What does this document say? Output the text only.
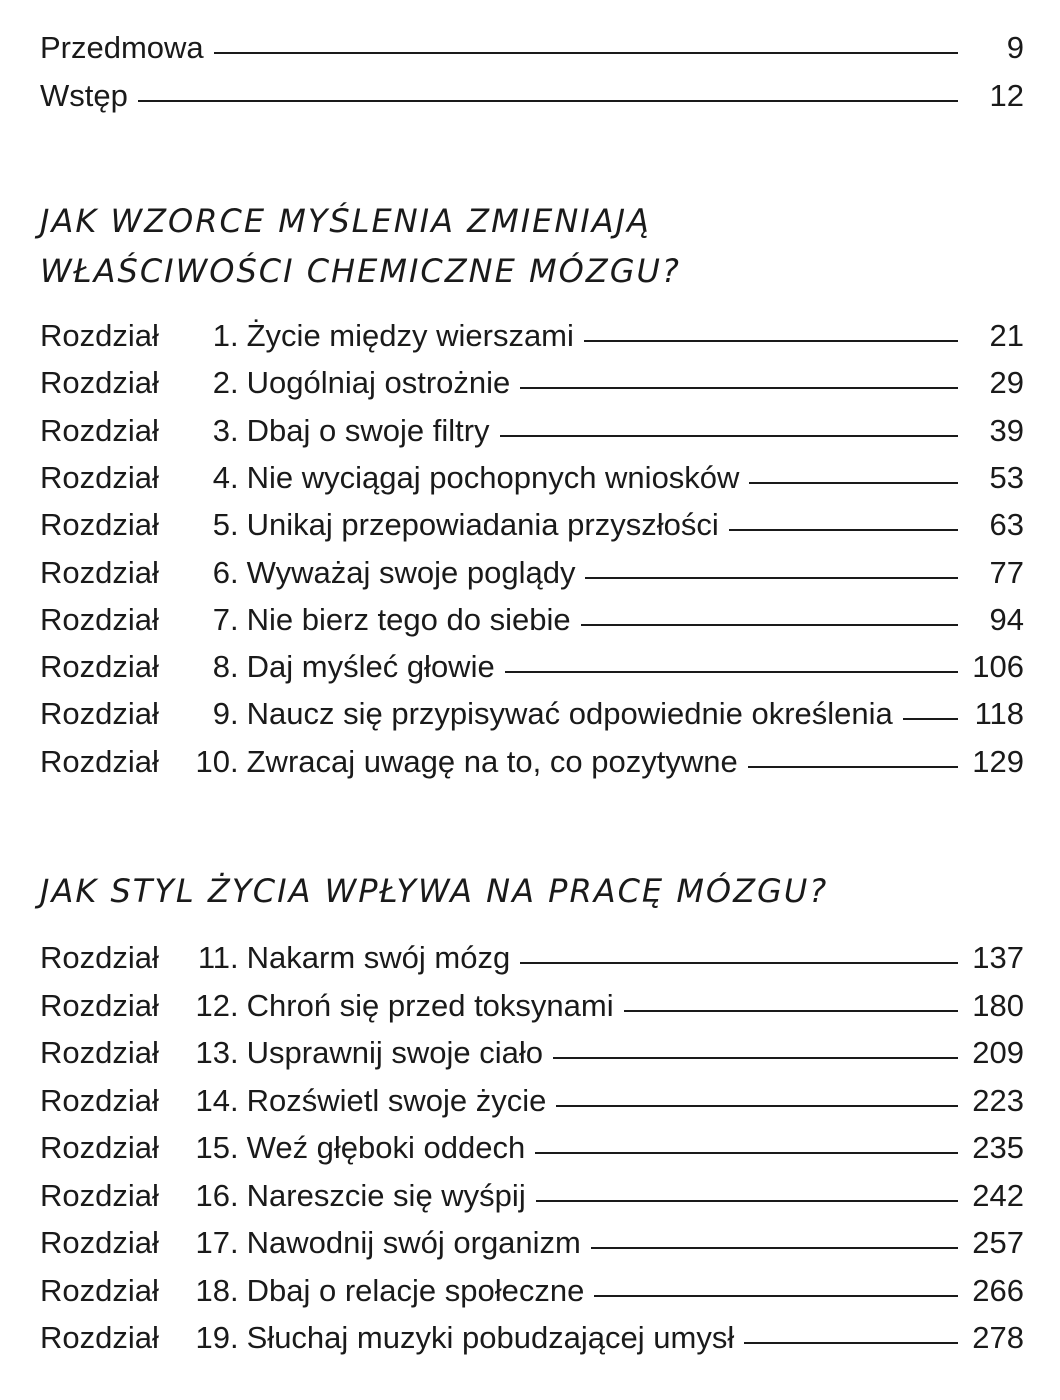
Przedmowa	9
Wstęp	12
JAK WZORCE MYŚLENIA ZMIENIAJĄ
WŁAŚCIWOŚCI CHEMICZNE MÓZGU?
Rozdział	1 . Życie między wierszami	21
Rozdział	2 . Uogólniaj ostrożnie	29
Rozdział	3 . Dbaj o swoje filtry	39
Rozdział	4 . Nie wyciągaj pochopnych wniosków	53
Rozdział	5 . Unikaj przepowiadania przyszłości	63
Rozdział	6 . Wyważaj swoje poglądy	77
Rozdział	7 . Nie bierz tego do siebie	94
Rozdział	8 . Daj myśleć głowie	106
Rozdział	9 . Naucz się przypisywać odpowiednie określenia	118
Rozdział	10 . Zwracaj uwagę na to, co pozytywne	129
JAK STYL ŻYCIA WPŁYWA NA PRACĘ MÓZGU?
Rozdział	11 . Nakarm swój mózg	137
Rozdział	12 . Chroń się przed toksynami	180
Rozdział	13 . Usprawnij swoje ciało	209
Rozdział	14 . Rozświetl swoje życie	223
Rozdział	15 . Weź głęboki oddech	235
Rozdział	16 . Nareszcie się wyśpij	242
Rozdział	17 . Nawodnij swój organizm	257
Rozdział	18 . Dbaj o relacje społeczne	266
Rozdział	19 . Słuchaj muzyki pobudzającej umysł	278
